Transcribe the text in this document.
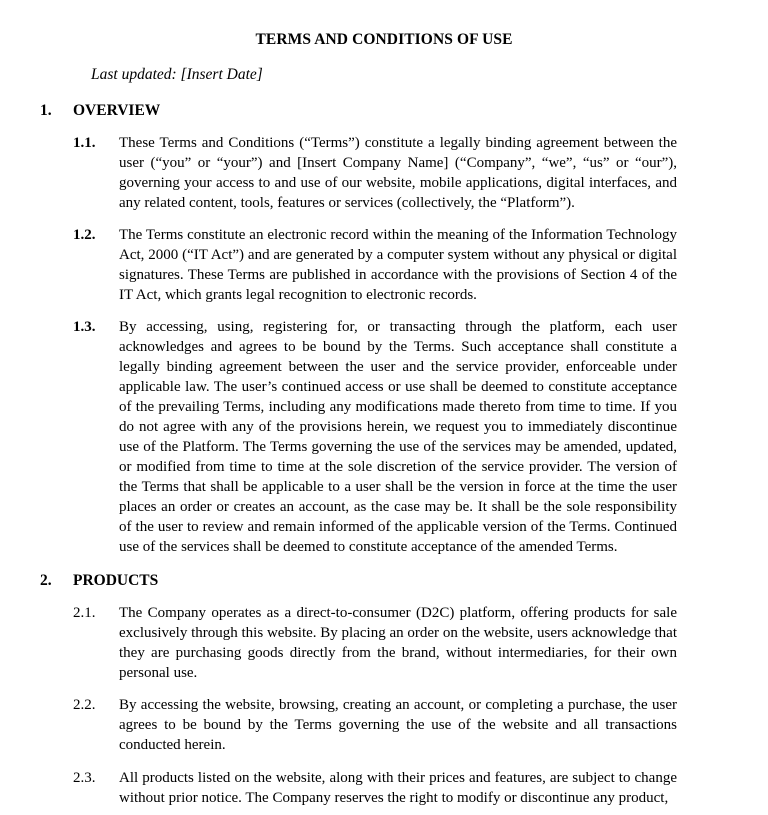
TERMS AND CONDITIONS OF USE
Last updated: [Insert Date]
1. OVERVIEW
1.1. These Terms and Conditions (“Terms”) constitute a legally binding agreement between the user (“you” or “your”) and [Insert Company Name] (“Company”, “we”, “us” or “our”), governing your access to and use of our website, mobile applications, digital interfaces, and any related content, tools, features or services (collectively, the “Platform”).
1.2. The Terms constitute an electronic record within the meaning of the Information Technology Act, 2000 (“IT Act”) and are generated by a computer system without any physical or digital signatures. These Terms are published in accordance with the provisions of Section 4 of the IT Act, which grants legal recognition to electronic records.
1.3. By accessing, using, registering for, or transacting through the platform, each user acknowledges and agrees to be bound by the Terms. Such acceptance shall constitute a legally binding agreement between the user and the service provider, enforceable under applicable law. The user’s continued access or use shall be deemed to constitute acceptance of the prevailing Terms, including any modifications made thereto from time to time. If you do not agree with any of the provisions herein, we request you to immediately discontinue use of the Platform. The Terms governing the use of the services may be amended, updated, or modified from time to time at the sole discretion of the service provider. The version of the Terms that shall be applicable to a user shall be the version in force at the time the user places an order or creates an account, as the case may be. It shall be the sole responsibility of the user to review and remain informed of the applicable version of the Terms. Continued use of the services shall be deemed to constitute acceptance of the amended Terms.
2. PRODUCTS
2.1. The Company operates as a direct-to-consumer (D2C) platform, offering products for sale exclusively through this website. By placing an order on the website, users acknowledge that they are purchasing goods directly from the brand, without intermediaries, for their own personal use.
2.2. By accessing the website, browsing, creating an account, or completing a purchase, the user agrees to be bound by the Terms governing the use of the website and all transactions conducted herein.
2.3. All products listed on the website, along with their prices and features, are subject to change without prior notice. The Company reserves the right to modify or discontinue any product,
